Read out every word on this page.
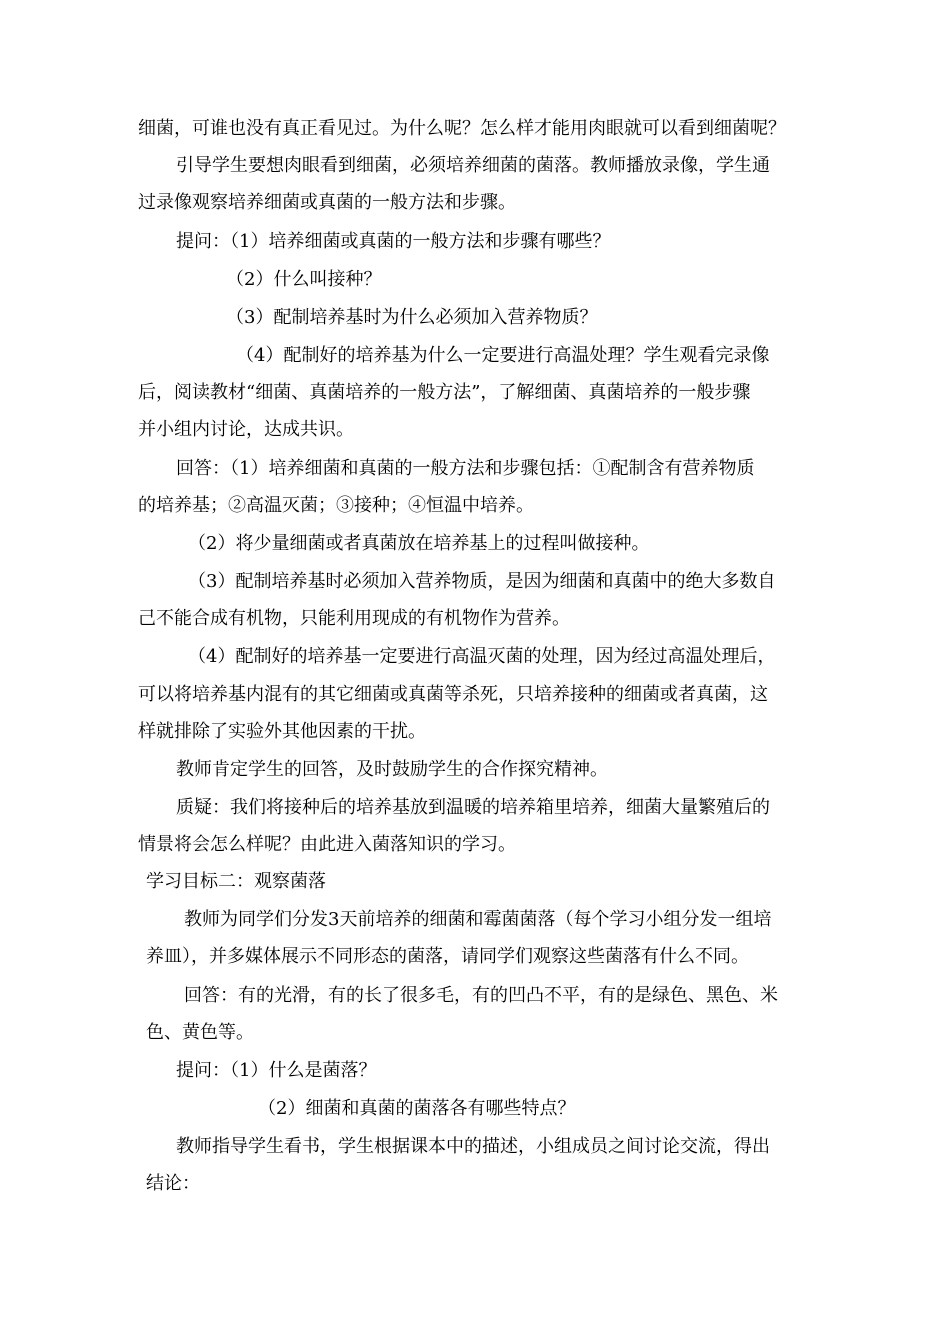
细菌，可谁也没有真正看见过。为什么呢？怎么样才能用肉眼就可以看到细菌呢？
引导学生要想肉眼看到细菌，必须培养细菌的菌落。教师播放录像，学生通
过录像观察培养细菌或真菌的一般方法和步骤。
提问：（1）培养细菌或真菌的一般方法和步骤有哪些？
（2）什么叫接种？
（3）配制培养基时为什么必须加入营养物质？
（4）配制好的培养基为什么一定要进行高温处理？学生观看完录像
后，阅读教材“细菌、真菌培养的一般方法”，了解细菌、真菌培养的一般步骤
并小组内讨论，达成共识。
回答：（1）培养细菌和真菌的一般方法和步骤包括：①配制含有营养物质
的培养基；②高温灭菌；③接种；④恒温中培养。
（2）将少量细菌或者真菌放在培养基上的过程叫做接种。
（3）配制培养基时必须加入营养物质，是因为细菌和真菌中的绝大多数自
己不能合成有机物，只能利用现成的有机物作为营养。
（4）配制好的培养基一定要进行高温灭菌的处理，因为经过高温处理后，
可以将培养基内混有的其它细菌或真菌等杀死，只培养接种的细菌或者真菌，这
样就排除了实验外其他因素的干扰。
教师肯定学生的回答，及时鼓励学生的合作探究精神。
质疑：我们将接种后的培养基放到温暖的培养箱里培养，细菌大量繁殖后的
情景将会怎么样呢？由此进入菌落知识的学习。
学习目标二：观察菌落
教师为同学们分发3天前培养的细菌和霉菌菌落（每个学习小组分发一组培
养皿），并多媒体展示不同形态的菌落，请同学们观察这些菌落有什么不同。
回答：有的光滑，有的长了很多毛，有的凹凸不平，有的是绿色、黑色、米
色、黄色等。
提问：（1）什么是菌落？
（2）细菌和真菌的菌落各有哪些特点？
教师指导学生看书，学生根据课本中的描述，小组成员之间讨论交流，得出
结论：
